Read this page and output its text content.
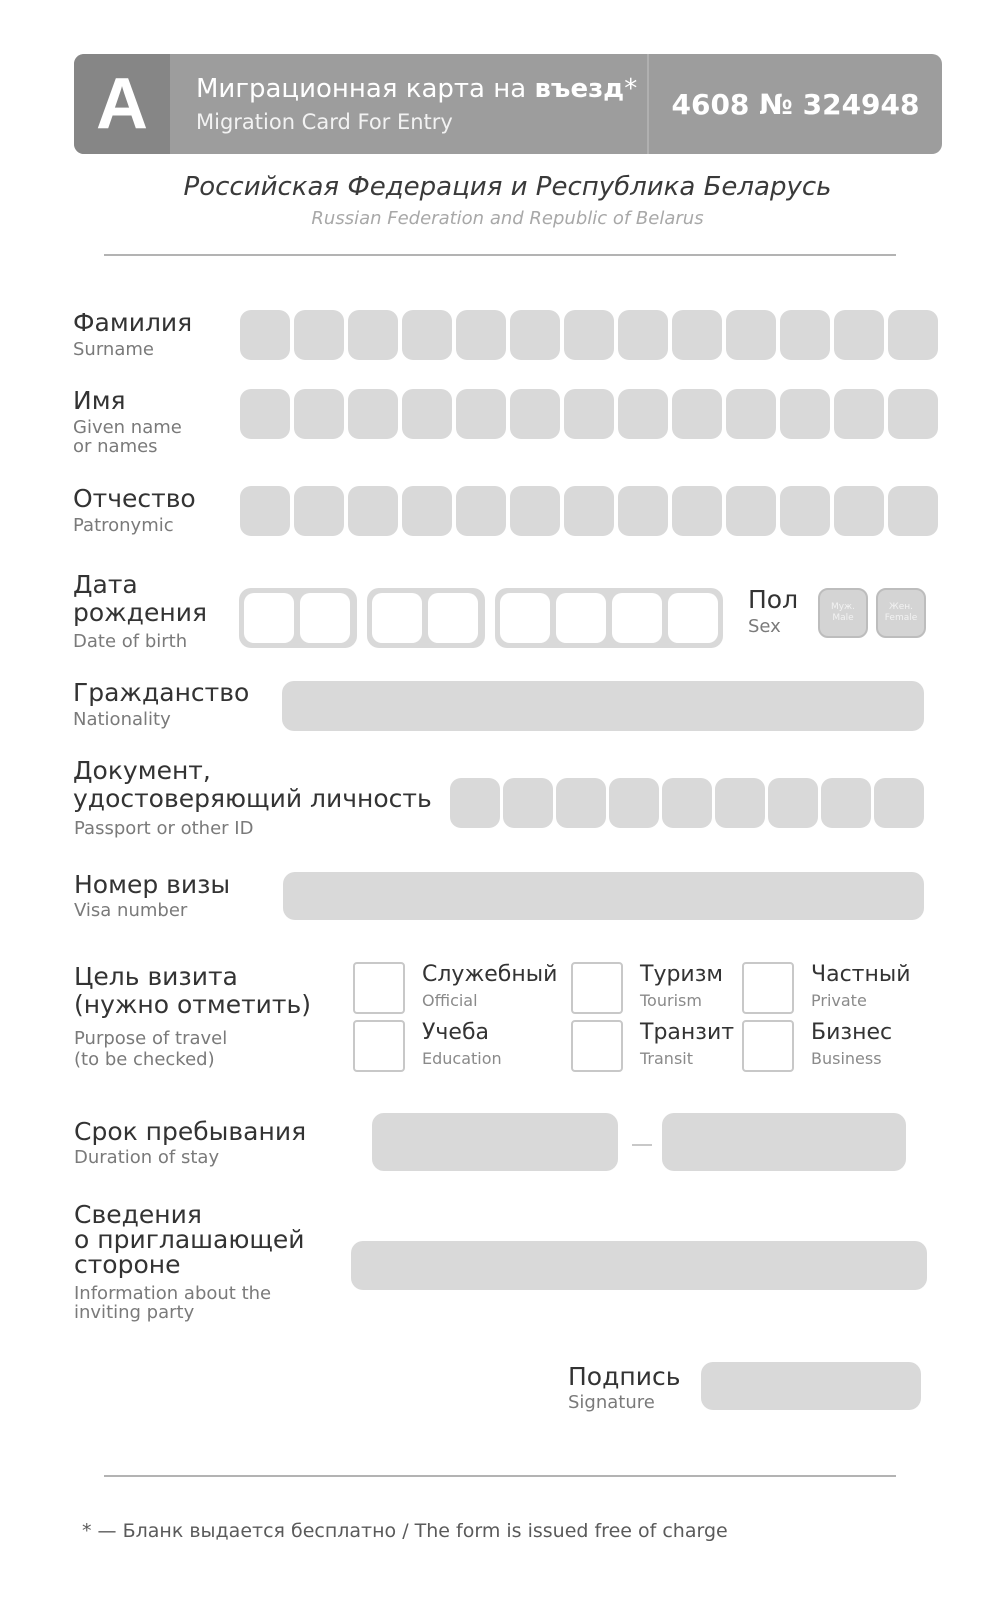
A	Миграционная карта на въезд*
Migration Card For Entry
4608 № 324948
Российская Федерация и Республика Беларусь
Russian Federation and Republic of Belarus
Фамилия
Surname
Имя
Given name
or names
Отчество
Patronymic
Дата
рождения
Date of birth
Пол
Sex
Муж.
Male
Жен.
Female
Гражданство
Nationality
Документ,
удостоверяющий личность
Passport or other ID
Номер визы
Visa number
Цель визита
(нужно отметить)
Purpose of travel
(to be checked)
Служебный
Official
Туризм
Tourism
Частный
Private
Учеба
Education
Транзит
Transit
Бизнес
Business
Срок пребывания
Duration of stay
Сведения
о приглашающей
стороне
Information about the
inviting party
Подпись
Signature
* — Бланк выдается бесплатно / The form is issued free of charge
